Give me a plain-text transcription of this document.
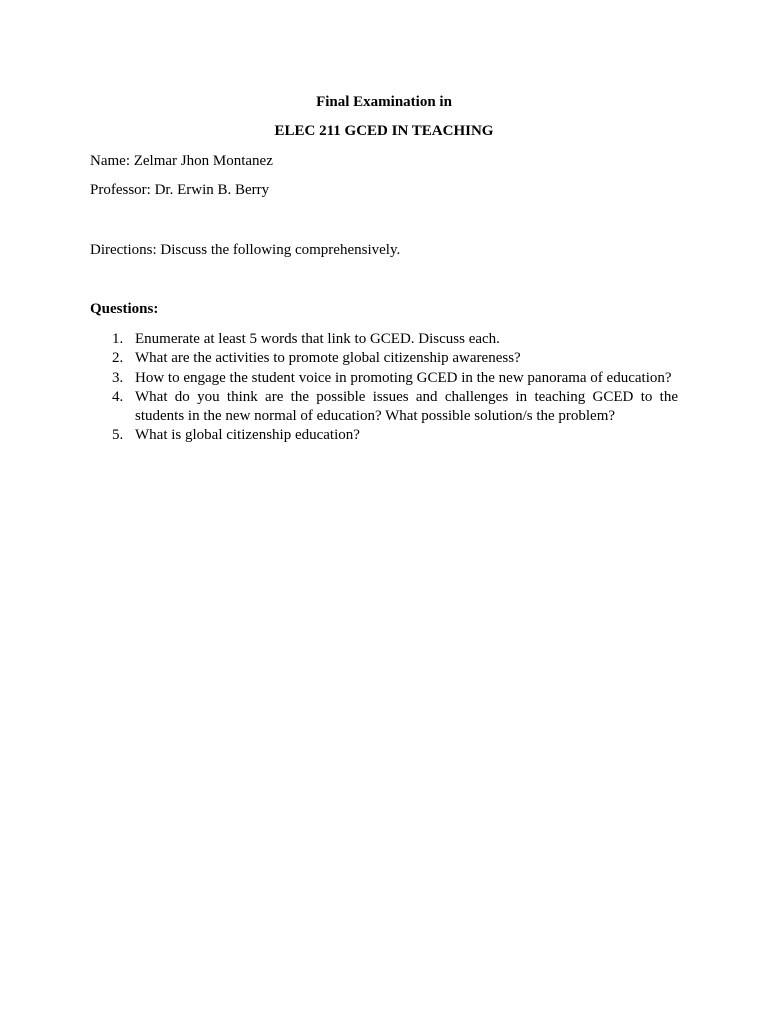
Final Examination in

ELEC 211 GCED IN TEACHING

Name: Zelmar Jhon Montanez

Professor: Dr. Erwin B. Berry

Directions: Discuss the following comprehensively.

Questions:

1. Enumerate at least 5 words that link to GCED. Discuss each.
2. What are the activities to promote global citizenship awareness?
3. How to engage the student voice in promoting GCED in the new panorama of education?
4. What do you think are the possible issues and challenges in teaching GCED to the students in the new normal of education? What possible solution/s the problem?
5. What is global citizenship education?
